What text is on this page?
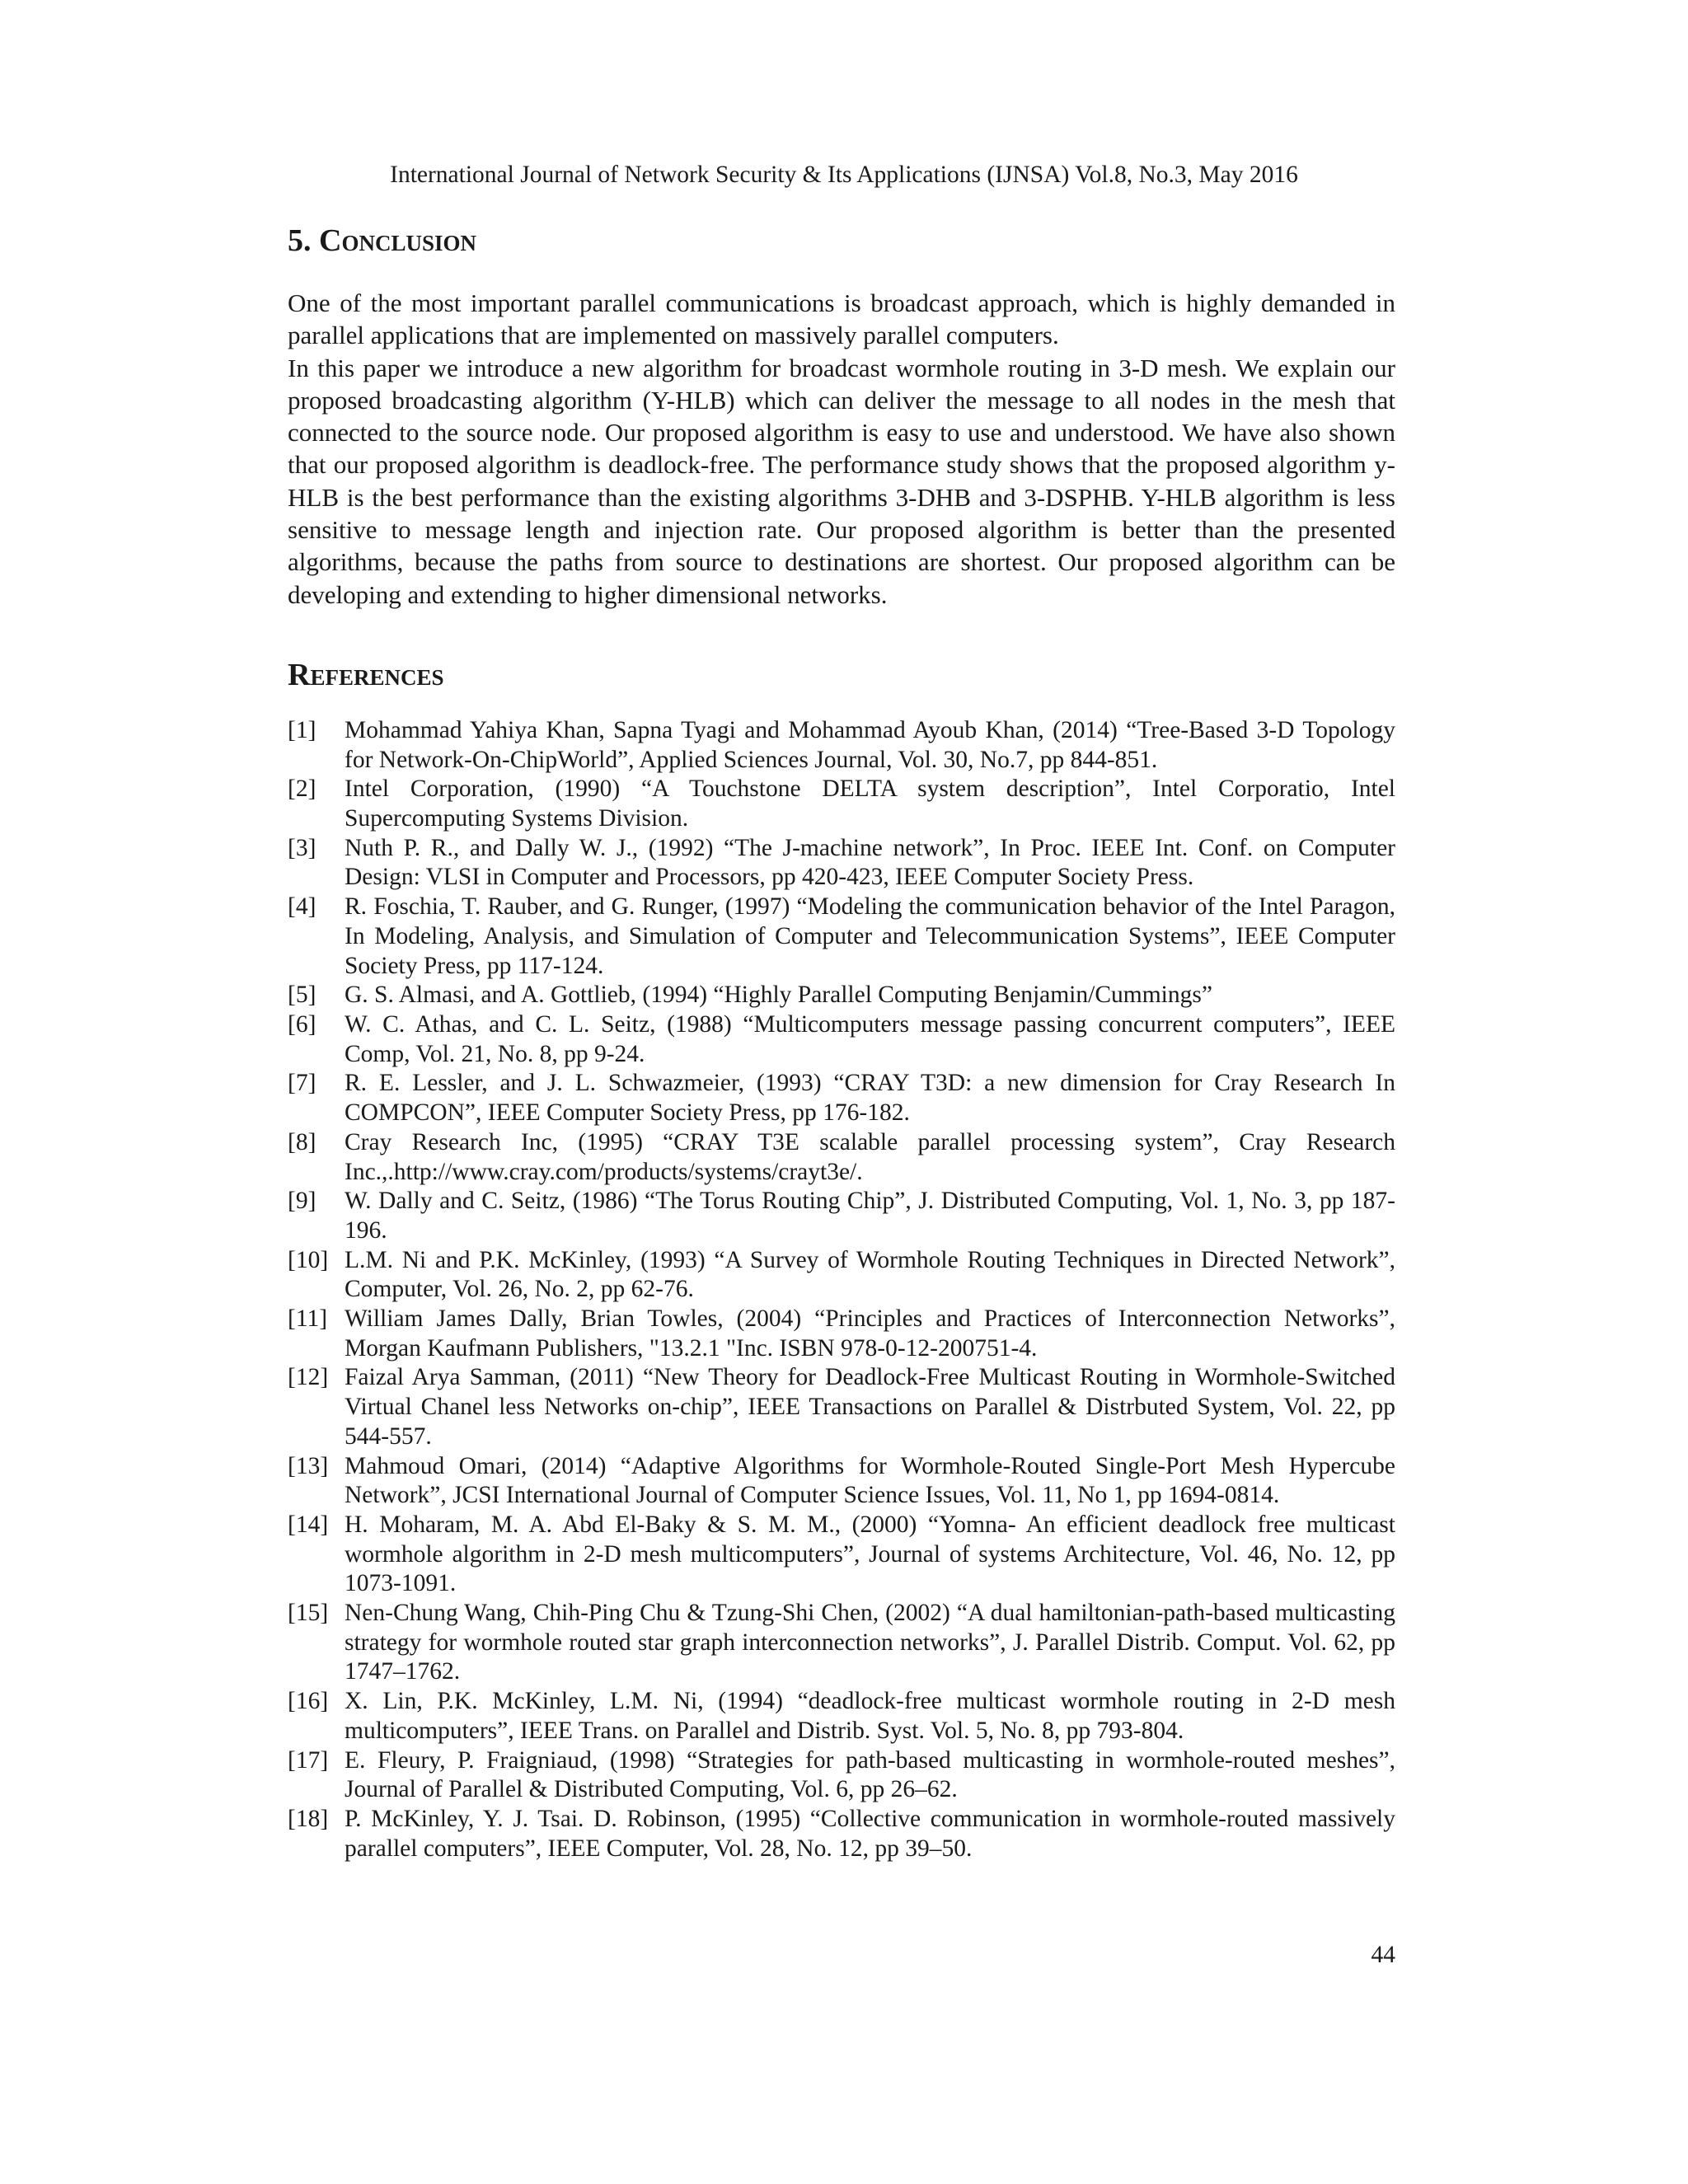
International Journal of Network Security & Its Applications (IJNSA) Vol.8, No.3, May 2016
5. Conclusion

One of the most important parallel communications is broadcast approach, which is highly demanded in parallel applications that are implemented on massively parallel computers.

In this paper we introduce a new algorithm for broadcast wormhole routing in 3-D mesh. We explain our proposed broadcasting algorithm (Y-HLB) which can deliver the message to all nodes in the mesh that connected to the source node. Our proposed algorithm is easy to use and understood. We have also shown that our proposed algorithm is deadlock-free. The performance study shows that the proposed algorithm y-HLB is the best performance than the existing algorithms 3-DHB and 3-DSPHB. Y-HLB algorithm is less sensitive to message length and injection rate. Our proposed algorithm is better than the presented algorithms, because the paths from source to destinations are shortest. Our proposed algorithm can be developing and extending to higher dimensional networks.

References
[1] Mohammad Yahiya Khan, Sapna Tyagi and Mohammad Ayoub Khan, (2014) “Tree-Based 3-D Topology for Network-On-ChipWorld”, Applied Sciences Journal, Vol. 30, No.7, pp 844-851.
[2] Intel Corporation, (1990) “A Touchstone DELTA system description”, Intel Corporatio, Intel Supercomputing Systems Division.
[3] Nuth P. R., and Dally W. J., (1992) “The J-machine network”, In Proc. IEEE Int. Conf. on Computer Design: VLSI in Computer and Processors, pp 420-423, IEEE Computer Society Press.
[4] R. Foschia, T. Rauber, and G. Runger, (1997) “Modeling the communication behavior of the Intel Paragon, In Modeling, Analysis, and Simulation of Computer and Telecommunication Systems”, IEEE Computer Society Press, pp 117-124.
[5] G. S. Almasi, and A. Gottlieb, (1994) “Highly Parallel Computing Benjamin/Cummings”
[6] W. C. Athas, and C. L. Seitz, (1988) “Multicomputers message passing concurrent computers”, IEEE Comp, Vol. 21, No. 8, pp 9-24.
[7] R. E. Lessler, and J. L. Schwazmeier, (1993) “CRAY T3D: a new dimension for Cray Research In COMPCON”, IEEE Computer Society Press, pp 176-182.
[8] Cray Research Inc, (1995) “CRAY T3E scalable parallel processing system”, Cray Research Inc.,.http://www.cray.com/products/systems/crayt3e/.
[9] W. Dally and C. Seitz, (1986) “The Torus Routing Chip”, J. Distributed Computing, Vol. 1, No. 3, pp 187-196.
[10] L.M. Ni and P.K. McKinley, (1993) “A Survey of Wormhole Routing Techniques in Directed Network”, Computer, Vol. 26, No. 2, pp 62-76.
[11] William James Dally, Brian Towles, (2004) “Principles and Practices of Interconnection Networks”, Morgan Kaufmann Publishers, "13.2.1 "Inc. ISBN 978-0-12-200751-4.
[12] Faizal Arya Samman, (2011) “New Theory for Deadlock-Free Multicast Routing in Wormhole-Switched Virtual Chanel less Networks on-chip”, IEEE Transactions on Parallel & Distrbuted System, Vol. 22, pp 544-557.
[13] Mahmoud Omari, (2014) “Adaptive Algorithms for Wormhole-Routed Single-Port Mesh Hypercube Network”, JCSI International Journal of Computer Science Issues, Vol. 11, No 1, pp 1694-0814.
[14] H. Moharam, M. A. Abd El-Baky & S. M. M., (2000) “Yomna- An efficient deadlock free multicast wormhole algorithm in 2-D mesh multicomputers”, Journal of systems Architecture, Vol. 46, No. 12, pp 1073-1091.
[15] Nen-Chung Wang, Chih-Ping Chu & Tzung-Shi Chen, (2002) “A dual hamiltonian-path-based multicasting strategy for wormhole routed star graph interconnection networks”, J. Parallel Distrib. Comput. Vol. 62, pp 1747–1762.
[16] X. Lin, P.K. McKinley, L.M. Ni, (1994) “deadlock-free multicast wormhole routing in 2-D mesh multicomputers”, IEEE Trans. on Parallel and Distrib. Syst. Vol. 5, No. 8, pp 793-804.
[17] E. Fleury, P. Fraigniaud, (1998) “Strategies for path-based multicasting in wormhole-routed meshes”, Journal of Parallel & Distributed Computing, Vol. 6, pp 26–62.
[18] P. McKinley, Y. J. Tsai. D. Robinson, (1995) “Collective communication in wormhole-routed massively parallel computers”, IEEE Computer, Vol. 28, No. 12, pp 39–50.
44
